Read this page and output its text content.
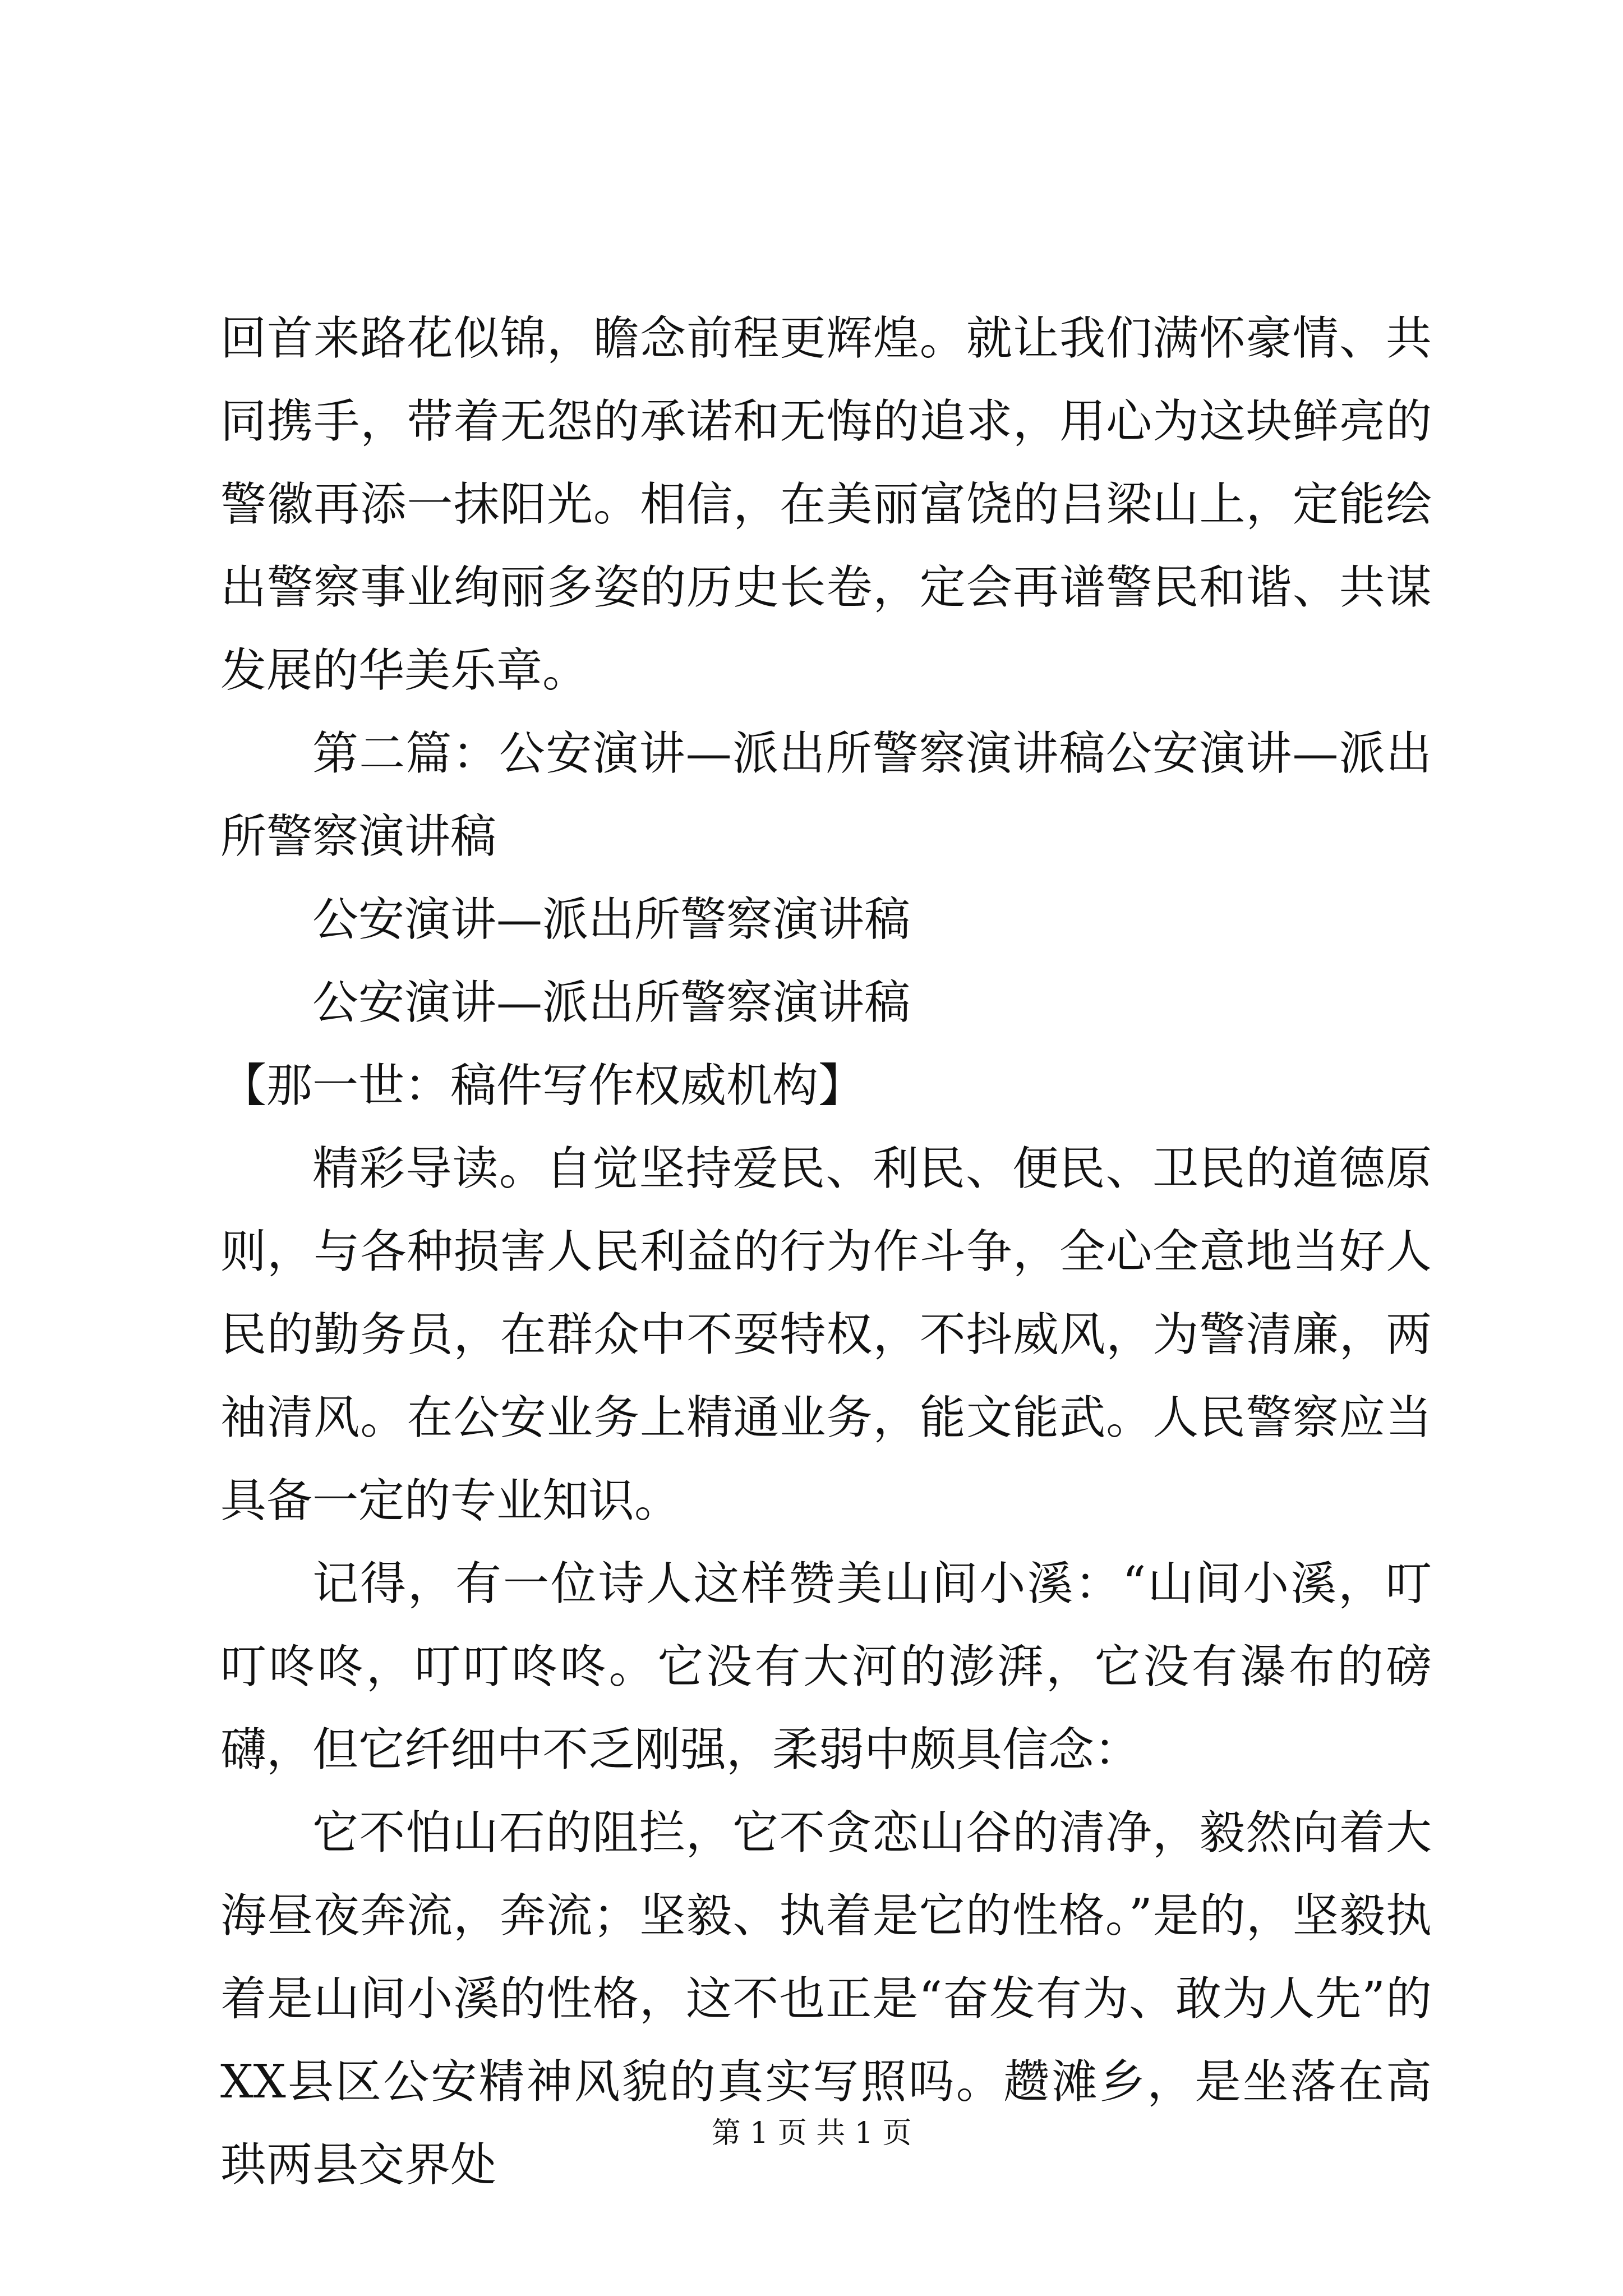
回首来路花似锦，瞻念前程更辉煌。就让我们满怀豪情、共同携手，带着无怨的承诺和无悔的追求，用心为这块鲜亮的警徽再添一抹阳光。相信，在美丽富饶的吕梁山上，定能绘出警察事业绚丽多姿的历史长卷，定会再谱警民和谐、共谋发展的华美乐章。

第二篇：公安演讲—派出所警察演讲稿公安演讲—派出所警察演讲稿

公安演讲—派出所警察演讲稿

公安演讲—派出所警察演讲稿

【那一世：稿件写作权威机构】

精彩导读。自觉坚持爱民、利民、便民、卫民的道德原则，与各种损害人民利益的行为作斗争，全心全意地当好人民的勤务员，在群众中不耍特权，不抖威风，为警清廉，两袖清风。在公安业务上精通业务，能文能武。人民警察应当具备一定的专业知识。

记得，有一位诗人这样赞美山间小溪：“山间小溪，叮叮咚咚，叮叮咚咚。它没有大河的澎湃，它没有瀑布的磅礴，但它纤细中不乏刚强，柔弱中颇具信念：

它不怕山石的阻拦，它不贪恋山谷的清净，毅然向着大海昼夜奔流，奔流；坚毅、执着是它的性格。”是的，坚毅执着是山间小溪的性格，这不也正是“奋发有为、敢为人先”的XX县区公安精神风貌的真实写照吗。趱滩乡，是坐落在高珙两县交界处

第 1 页 共 1 页
